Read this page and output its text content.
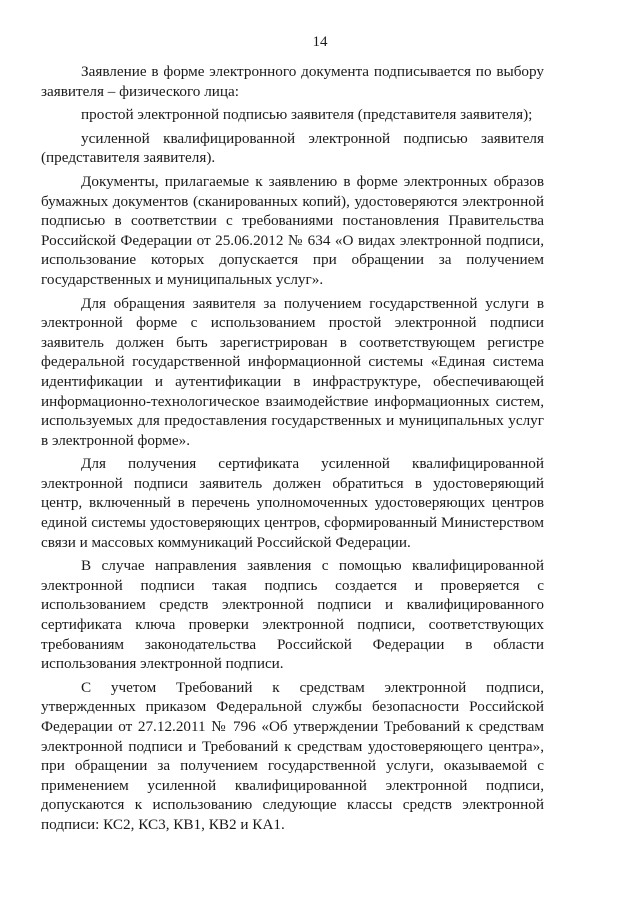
14

Заявление в форме электронного документа подписывается по выбору заявителя – физического лица:

простой электронной подписью заявителя (представителя заявителя);

усиленной квалифицированной электронной подписью заявителя (представителя заявителя).

Документы, прилагаемые к заявлению в форме электронных образов бумажных документов (сканированных копий), удостоверяются электронной подписью в соответствии с требованиями постановления Правительства Российской Федерации от 25.06.2012 № 634 «О видах электронной подписи, использование которых допускается при обращении за получением государственных и муниципальных услуг».

Для обращения заявителя за получением государственной услуги в электронной форме с использованием простой электронной подписи заявитель должен быть зарегистрирован в соответствующем регистре федеральной государственной информационной системы «Единая система идентификации и аутентификации в инфраструктуре, обеспечивающей информационно-технологическое взаимодействие информационных систем, используемых для предоставления государственных и муниципальных услуг в электронной форме».

Для получения сертификата усиленной квалифицированной электронной подписи заявитель должен обратиться в удостоверяющий центр, включенный в перечень уполномоченных удостоверяющих центров единой системы удостоверяющих центров, сформированный Министерством связи и массовых коммуникаций Российской Федерации.

В случае направления заявления с помощью квалифицированной электронной подписи такая подпись создается и проверяется с использованием средств электронной подписи и квалифицированного сертификата ключа проверки электронной подписи, соответствующих требованиям законодательства Российской Федерации в области использования электронной подписи.

С учетом Требований к средствам электронной подписи, утвержденных приказом Федеральной службы безопасности Российской Федерации от 27.12.2011 № 796 «Об утверждении Требований к средствам электронной подписи и Требований к средствам удостоверяющего центра», при обращении за получением государственной услуги, оказываемой с применением усиленной квалифицированной электронной подписи, допускаются к использованию следующие классы средств электронной подписи: КС2, КС3, КВ1, КВ2 и КА1.
